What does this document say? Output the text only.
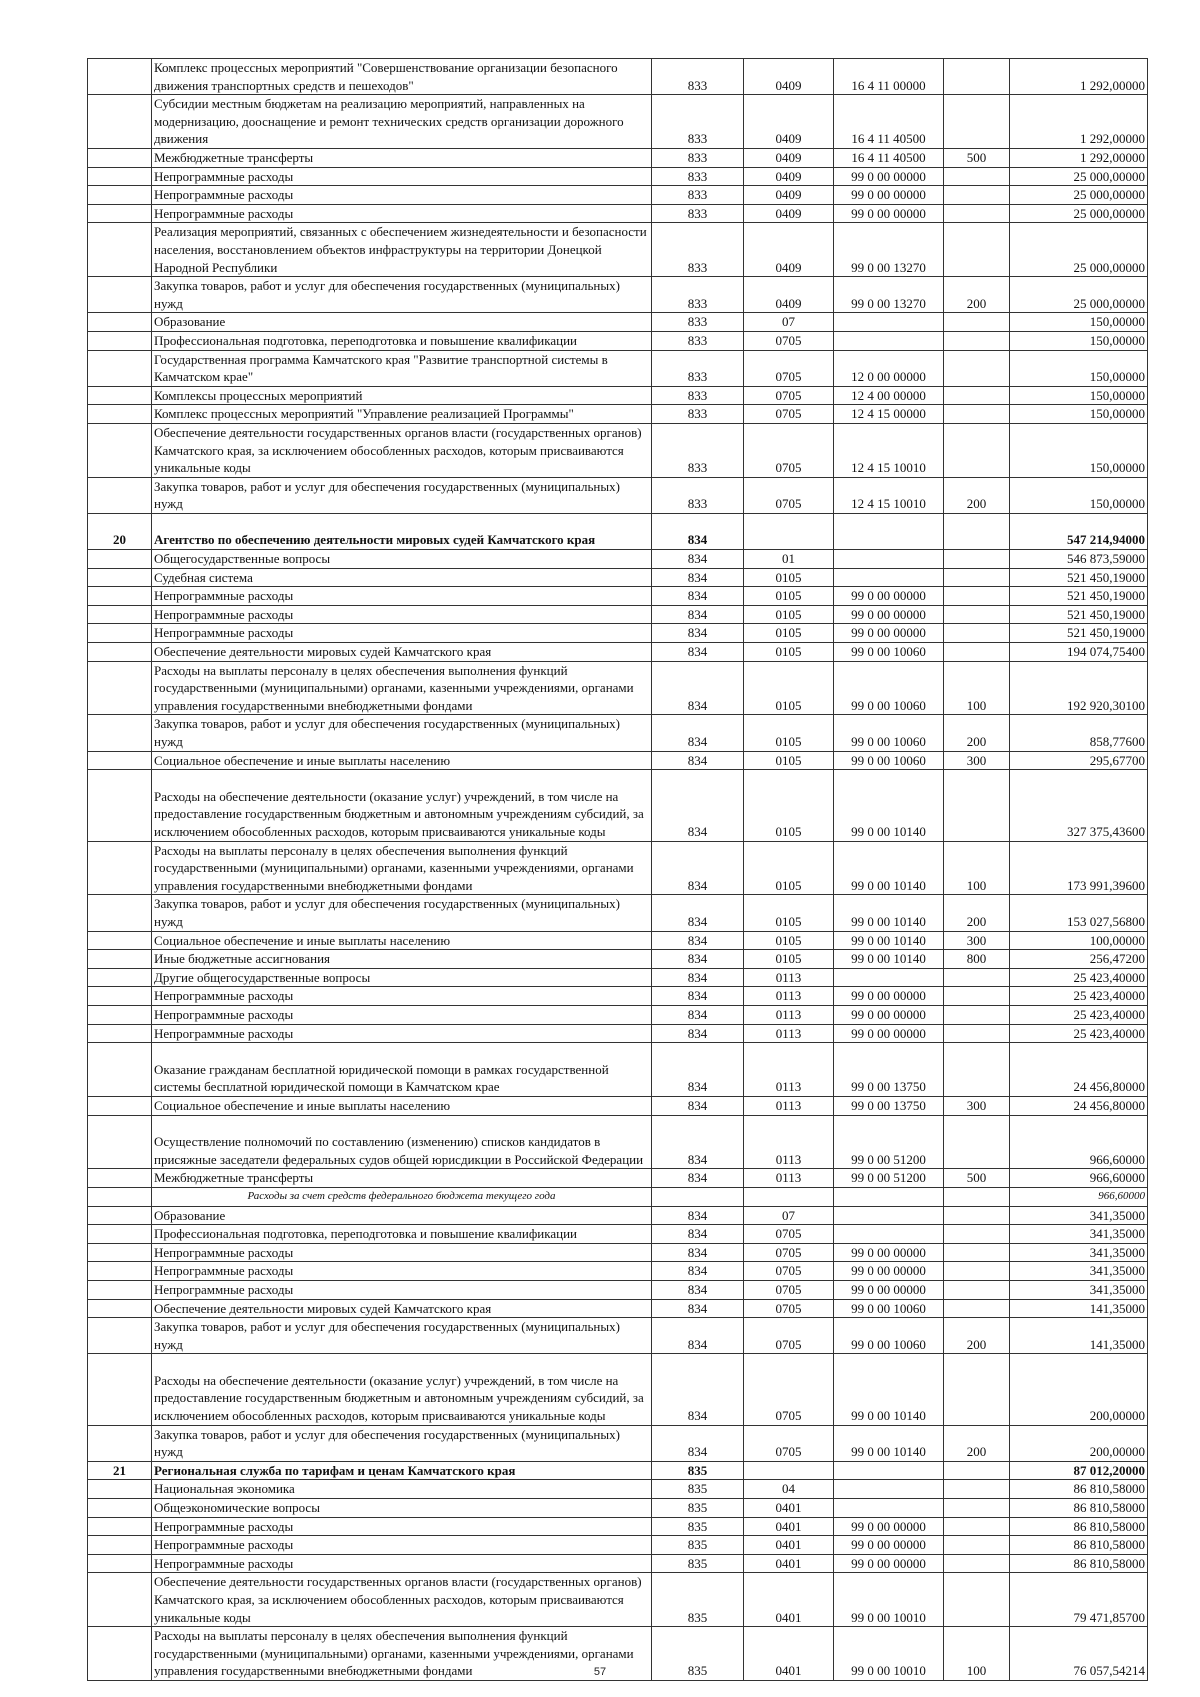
	Комплекс процессных мероприятий "Совершенствование организации безопасного движения транспортных средств и пешеходов"	833	0409	16 4 11 00000		1 292,00000
	Субсидии местным бюджетам на реализацию мероприятий, направленных на модернизацию, дооснащение и ремонт технических средств организации дорожного движения	833	0409	16 4 11 40500		1 292,00000
	Межбюджетные трансферты	833	0409	16 4 11 40500	500	1 292,00000
	Непрограммные расходы	833	0409	99 0 00 00000		25 000,00000
	Непрограммные расходы	833	0409	99 0 00 00000		25 000,00000
	Непрограммные расходы	833	0409	99 0 00 00000		25 000,00000
	Реализация мероприятий, связанных с обеспечением жизнедеятельности и безопасности населения, восстановлением объектов инфраструктуры на территории Донецкой Народной Республики	833	0409	99 0 00 13270		25 000,00000
	Закупка товаров, работ и услуг для обеспечения государственных (муниципальных) нужд	833	0409	99 0 00 13270	200	25 000,00000
	Образование	833	07			150,00000
	Профессиональная подготовка, переподготовка и повышение квалификации	833	0705			150,00000
	Государственная программа Камчатского края "Развитие транспортной системы в Камчатском крае"	833	0705	12 0 00 00000		150,00000
	Комплексы процессных мероприятий	833	0705	12 4 00 00000		150,00000
	Комплекс процессных мероприятий "Управление реализацией Программы"	833	0705	12 4 15 00000		150,00000
	Обеспечение деятельности государственных органов власти (государственных органов) Камчатского края, за исключением обособленных расходов, которым присваиваются уникальные коды	833	0705	12 4 15 10010		150,00000
	Закупка товаров, работ и услуг для обеспечения государственных (муниципальных) нужд	833	0705	12 4 15 10010	200	150,00000
20	Агентство по обеспечению деятельности мировых судей Камчатского края	834				547 214,94000
	Общегосударственные вопросы	834	01			546 873,59000
	Судебная система	834	0105			521 450,19000
	Непрограммные расходы	834	0105	99 0 00 00000		521 450,19000
	Непрограммные расходы	834	0105	99 0 00 00000		521 450,19000
	Непрограммные расходы	834	0105	99 0 00 00000		521 450,19000
	Обеспечение деятельности мировых судей Камчатского края	834	0105	99 0 00 10060		194 074,75400
	Расходы на выплаты персоналу в целях обеспечения выполнения функций государственными (муниципальными) органами, казенными учреждениями, органами управления государственными внебюджетными фондами	834	0105	99 0 00 10060	100	192 920,30100
	Закупка товаров, работ и услуг для обеспечения государственных (муниципальных) нужд	834	0105	99 0 00 10060	200	858,77600
	Социальное обеспечение и иные выплаты населению	834	0105	99 0 00 10060	300	295,67700
	Расходы на обеспечение деятельности (оказание услуг) учреждений, в том числе на предоставление государственным бюджетным и автономным учреждениям субсидий, за исключением обособленных расходов, которым присваиваются уникальные коды	834	0105	99 0 00 10140		327 375,43600
	Расходы на выплаты персоналу в целях обеспечения выполнения функций государственными (муниципальными) органами, казенными учреждениями, органами управления государственными внебюджетными фондами	834	0105	99 0 00 10140	100	173 991,39600
	Закупка товаров, работ и услуг для обеспечения государственных (муниципальных) нужд	834	0105	99 0 00 10140	200	153 027,56800
	Социальное обеспечение и иные выплаты населению	834	0105	99 0 00 10140	300	100,00000
	Иные бюджетные ассигнования	834	0105	99 0 00 10140	800	256,47200
	Другие общегосударственные вопросы	834	0113			25 423,40000
	Непрограммные расходы	834	0113	99 0 00 00000		25 423,40000
	Непрограммные расходы	834	0113	99 0 00 00000		25 423,40000
	Непрограммные расходы	834	0113	99 0 00 00000		25 423,40000
	Оказание гражданам бесплатной юридической помощи в рамках государственной системы бесплатной юридической помощи в Камчатском крае	834	0113	99 0 00 13750		24 456,80000
	Социальное обеспечение и иные выплаты населению	834	0113	99 0 00 13750	300	24 456,80000
	Осуществление полномочий по составлению (изменению) списков кандидатов в присяжные заседатели федеральных судов общей юрисдикции в Российской Федерации	834	0113	99 0 00 51200		966,60000
	Межбюджетные трансферты	834	0113	99 0 00 51200	500	966,60000
	Расходы за счет средств федерального бюджета текущего года					966,60000
	Образование	834	07			341,35000
	Профессиональная подготовка, переподготовка и повышение квалификации	834	0705			341,35000
	Непрограммные расходы	834	0705	99 0 00 00000		341,35000
	Непрограммные расходы	834	0705	99 0 00 00000		341,35000
	Непрограммные расходы	834	0705	99 0 00 00000		341,35000
	Обеспечение деятельности мировых судей Камчатского края	834	0705	99 0 00 10060		141,35000
	Закупка товаров, работ и услуг для обеспечения государственных (муниципальных) нужд	834	0705	99 0 00 10060	200	141,35000
	Расходы на обеспечение деятельности (оказание услуг) учреждений, в том числе на предоставление государственным бюджетным и автономным учреждениям субсидий, за исключением обособленных расходов, которым присваиваются уникальные коды	834	0705	99 0 00 10140		200,00000
	Закупка товаров, работ и услуг для обеспечения государственных (муниципальных) нужд	834	0705	99 0 00 10140	200	200,00000
21	Региональная служба по тарифам и ценам Камчатского края	835				87 012,20000
	Национальная экономика	835	04			86 810,58000
	Общеэкономические вопросы	835	0401			86 810,58000
	Непрограммные расходы	835	0401	99 0 00 00000		86 810,58000
	Непрограммные расходы	835	0401	99 0 00 00000		86 810,58000
	Непрограммные расходы	835	0401	99 0 00 00000		86 810,58000
	Обеспечение деятельности государственных органов власти (государственных органов) Камчатского края, за исключением обособленных расходов, которым присваиваются уникальные коды	835	0401	99 0 00 10010		79 471,85700
	Расходы на выплаты персоналу в целях обеспечения выполнения функций государственными (муниципальными) органами, казенными учреждениями, органами управления государственными внебюджетными фондами	835	0401	99 0 00 10010	100	76 057,54214
57
